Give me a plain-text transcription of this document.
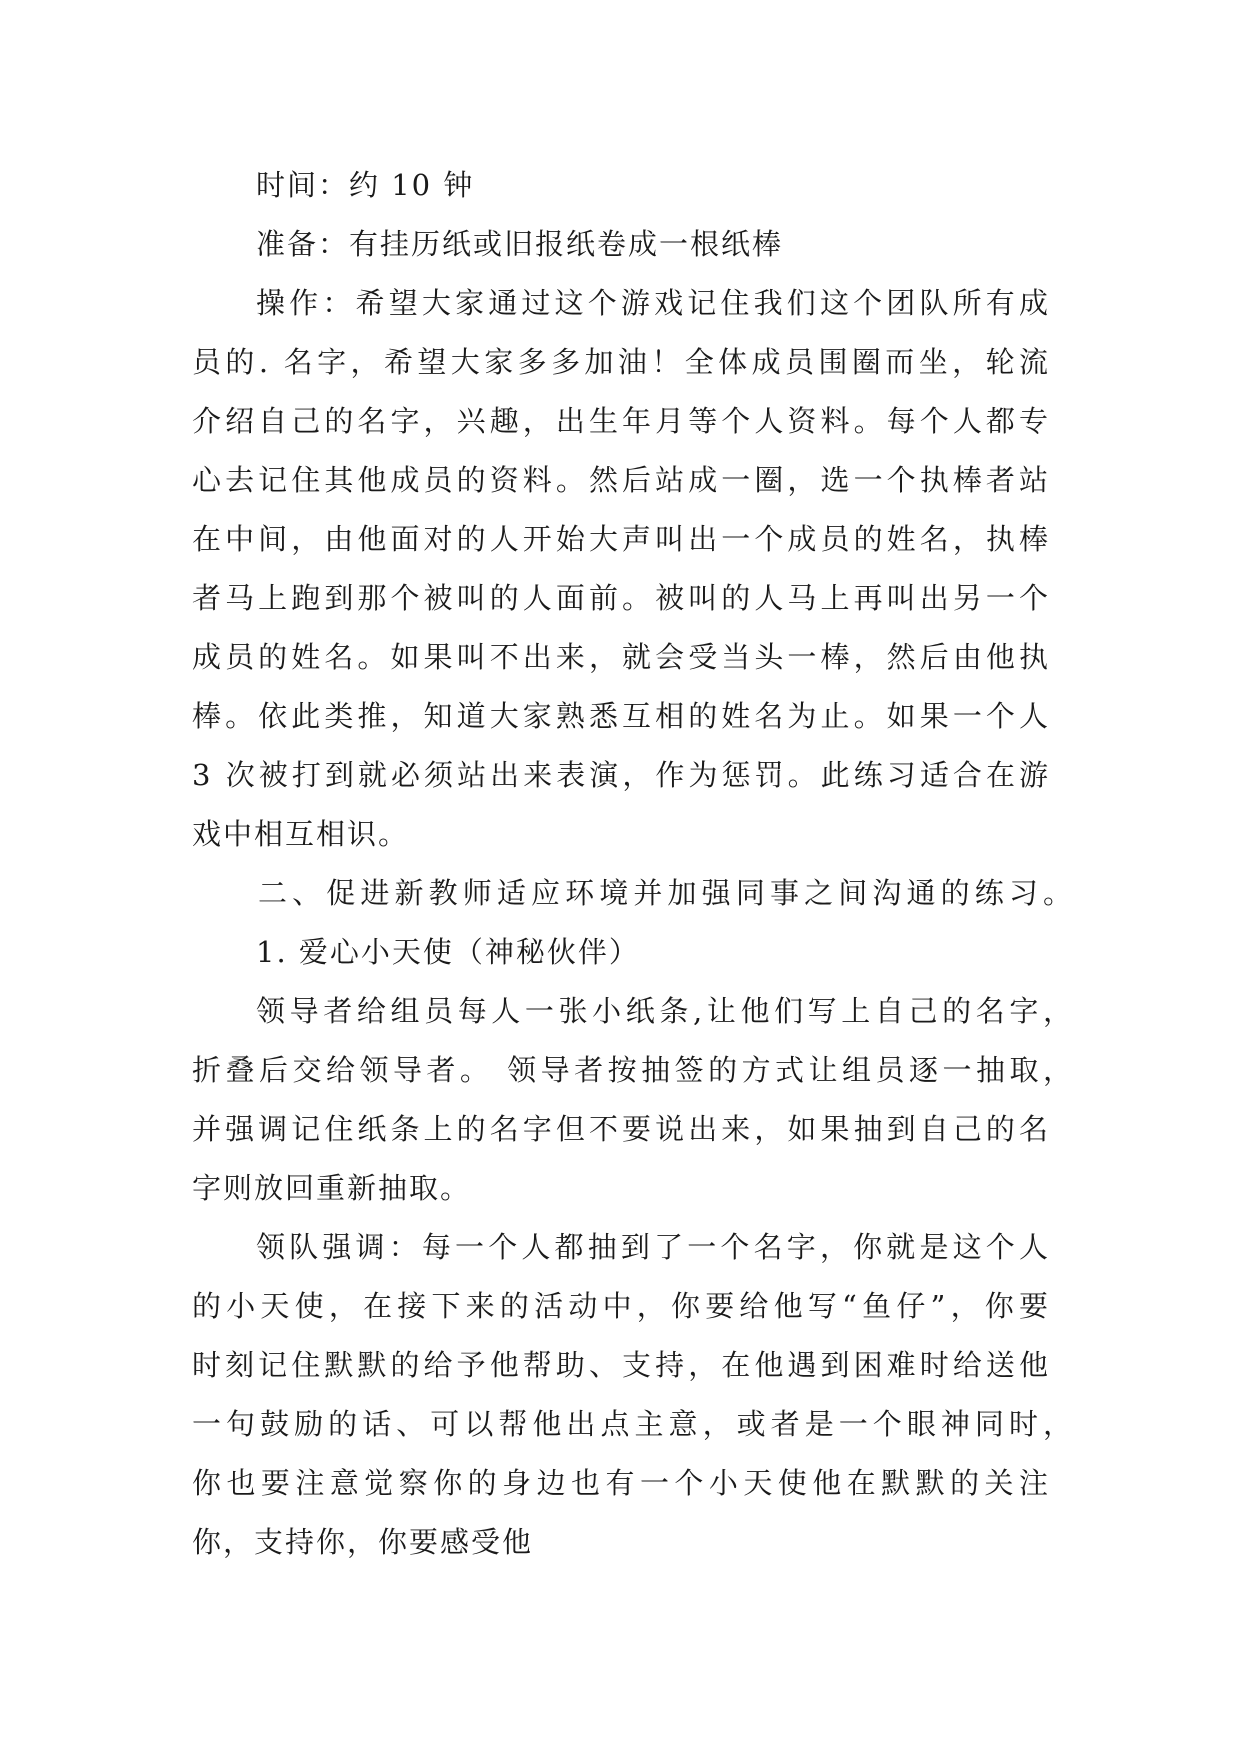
时间：约 10 钟
准备：有挂历纸或旧报纸卷成一根纸棒
操作：希望大家通过这个游戏记住我们这个团队所有成
员的. 名字，希望大家多多加油！全体成员围圈而坐，轮流
介绍自己的名字，兴趣，出生年月等个人资料。每个人都专
心去记住其他成员的资料。然后站成一圈，选一个执棒者站
在中间，由他面对的人开始大声叫出一个成员的姓名，执棒
者马上跑到那个被叫的人面前。被叫的人马上再叫出另一个
成员的姓名。如果叫不出来，就会受当头一棒，然后由他执
棒。依此类推，知道大家熟悉互相的姓名为止。如果一个人
3 次被打到就必须站出来表演，作为惩罚。此练习适合在游
戏中相互相识。
二、促进新教师适应环境并加强同事之间沟通的练习。
1. 爱心小天使（神秘伙伴）
领导者给组员每人一张小纸条,让他们写上自己的名字，
折叠后交给领导者。 领导者按抽签的方式让组员逐一抽取，
并强调记住纸条上的名字但不要说出来，如果抽到自己的名
字则放回重新抽取。
领队强调：每一个人都抽到了一个名字，你就是这个人
的小天使，在接下来的活动中，你要给他写“鱼仔”，你要
时刻记住默默的给予他帮助、支持，在他遇到困难时给送他
一句鼓励的话、可以帮他出点主意，或者是一个眼神同时，
你也要注意觉察你的身边也有一个小天使他在默默的关注
你，支持你，你要感受他
